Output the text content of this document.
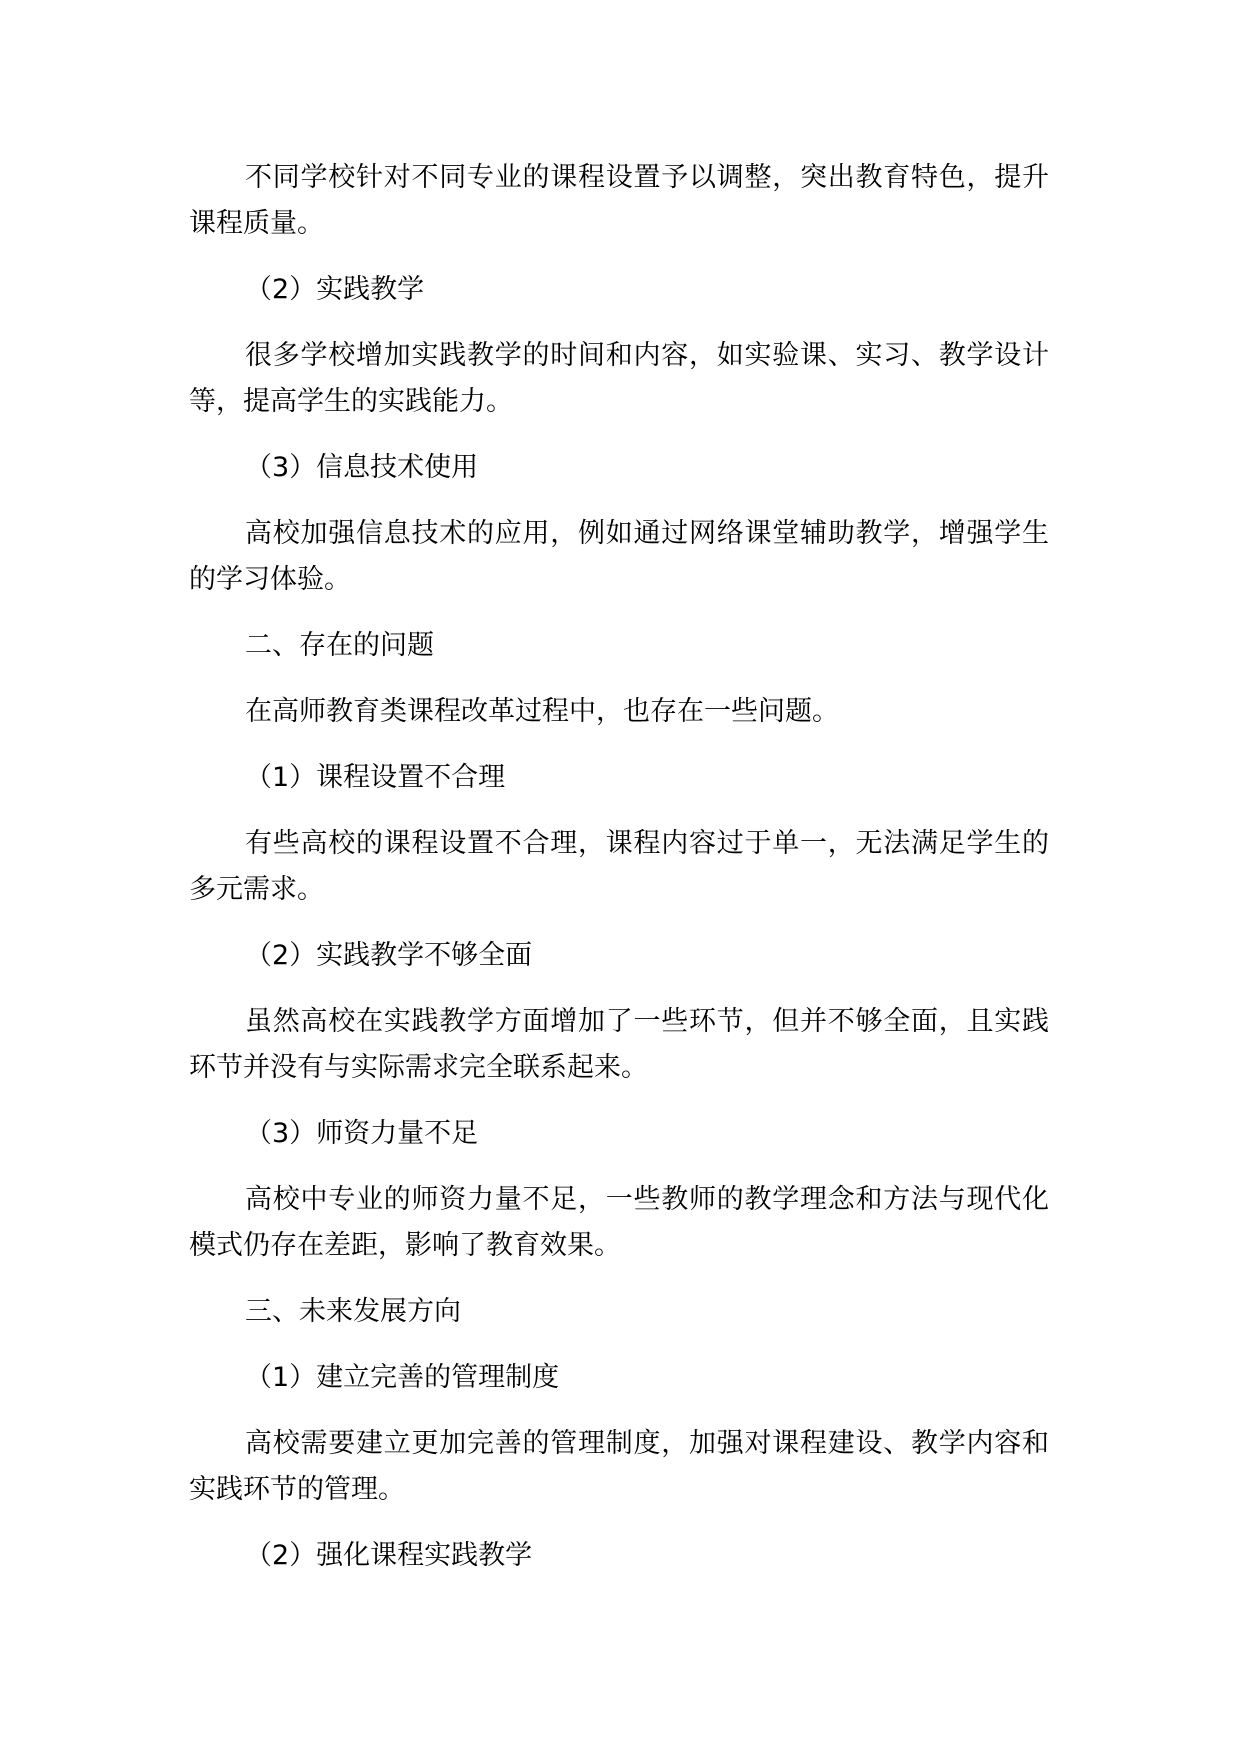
不同学校针对不同专业的课程设置予以调整，突出教育特色，提升课程质量。

（2）实践教学

很多学校增加实践教学的时间和内容，如实验课、实习、教学设计等，提高学生的实践能力。

（3）信息技术使用

高校加强信息技术的应用，例如通过网络课堂辅助教学，增强学生的学习体验。

二、存在的问题

在高师教育类课程改革过程中，也存在一些问题。

（1）课程设置不合理

有些高校的课程设置不合理，课程内容过于单一，无法满足学生的多元需求。

（2）实践教学不够全面

虽然高校在实践教学方面增加了一些环节，但并不够全面，且实践环节并没有与实际需求完全联系起来。

（3）师资力量不足

高校中专业的师资力量不足，一些教师的教学理念和方法与现代化模式仍存在差距，影响了教育效果。

三、未来发展方向

（1）建立完善的管理制度

高校需要建立更加完善的管理制度，加强对课程建设、教学内容和实践环节的管理。

（2）强化课程实践教学
